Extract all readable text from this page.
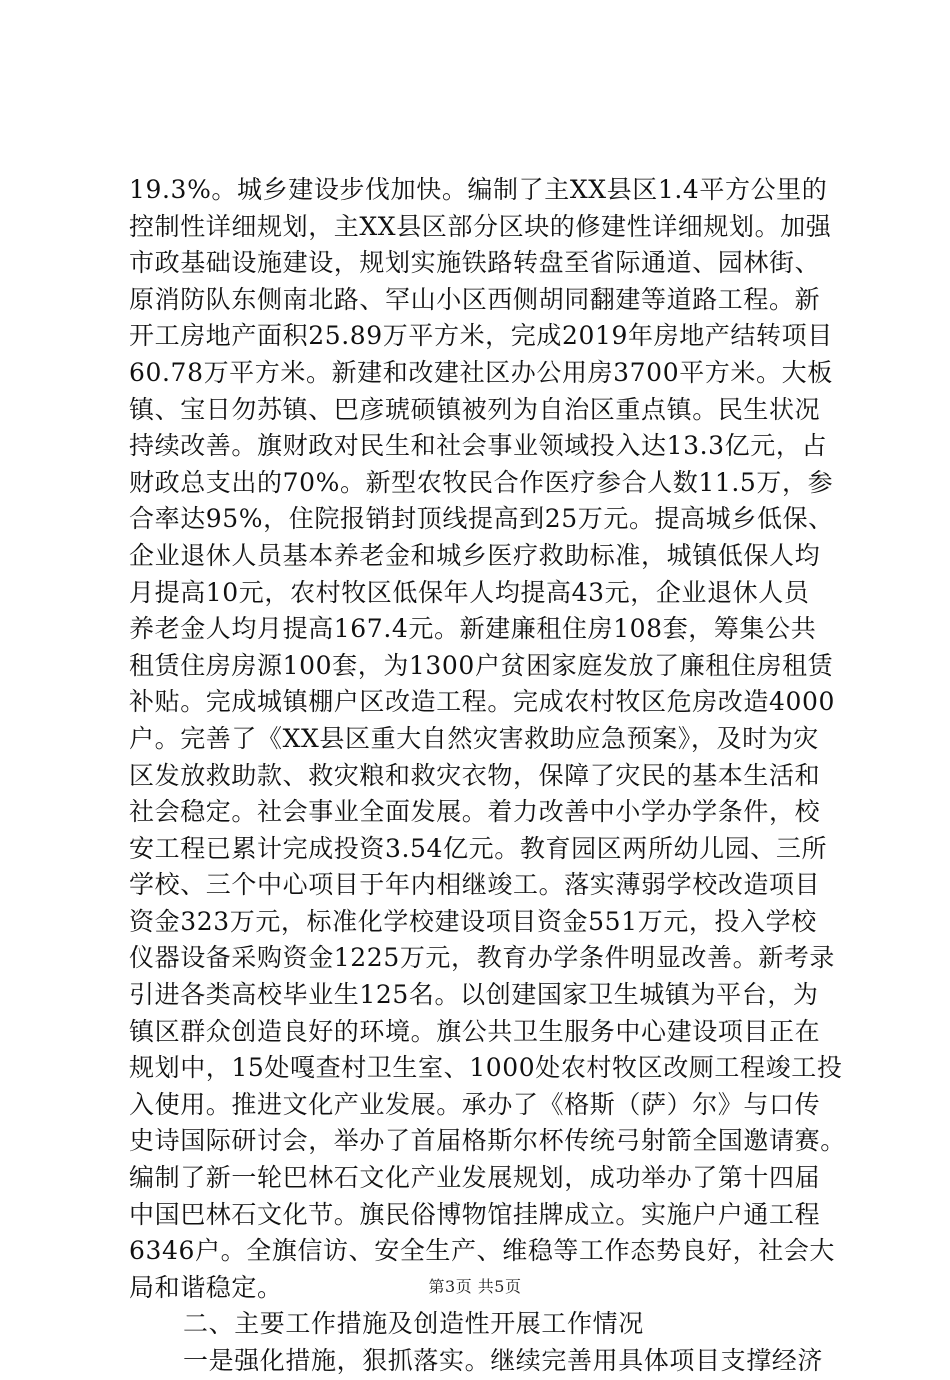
19.3%。城乡建设步伐加快。编制了主XX县区1.4平方公里的
控制性详细规划，主XX县区部分区块的修建性详细规划。加强
市政基础设施建设，规划实施铁路转盘至省际通道、园林街、
原消防队东侧南北路、罕山小区西侧胡同翻建等道路工程。新
开工房地产面积25.89万平方米，完成2019年房地产结转项目
60.78万平方米。新建和改建社区办公用房3700平方米。大板
镇、宝日勿苏镇、巴彦琥硕镇被列为自治区重点镇。民生状况
持续改善。旗财政对民生和社会事业领域投入达13.3亿元，占
财政总支出的70%。新型农牧民合作医疗参合人数11.5万，参
合率达95%，住院报销封顶线提高到25万元。提高城乡低保、
企业退休人员基本养老金和城乡医疗救助标准，城镇低保人均
月提高10元，农村牧区低保年人均提高43元，企业退休人员
养老金人均月提高167.4元。新建廉租住房108套，筹集公共
租赁住房房源100套，为1300户贫困家庭发放了廉租住房租赁
补贴。完成城镇棚户区改造工程。完成农村牧区危房改造4000
户。完善了《XX县区重大自然灾害救助应急预案》，及时为灾
区发放救助款、救灾粮和救灾衣物，保障了灾民的基本生活和
社会稳定。社会事业全面发展。着力改善中小学办学条件，校
安工程已累计完成投资3.54亿元。教育园区两所幼儿园、三所
学校、三个中心项目于年内相继竣工。落实薄弱学校改造项目
资金323万元，标准化学校建设项目资金551万元，投入学校
仪器设备采购资金1225万元，教育办学条件明显改善。新考录
引进各类高校毕业生125名。以创建国家卫生城镇为平台，为
镇区群众创造良好的环境。旗公共卫生服务中心建设项目正在
规划中，15处嘎查村卫生室、1000处农村牧区改厕工程竣工投
入使用。推进文化产业发展。承办了《格斯（萨）尔》与口传
史诗国际研讨会，举办了首届格斯尔杯传统弓射箭全国邀请赛。
编制了新一轮巴林石文化产业发展规划，成功举办了第十四届
中国巴林石文化节。旗民俗博物馆挂牌成立。实施户户通工程
6346户。全旗信访、安全生产、维稳等工作态势良好，社会大
局和谐稳定。
二、主要工作措施及创造性开展工作情况
一是强化措施，狠抓落实。继续完善用具体项目支撑经济
第3页 共5页
